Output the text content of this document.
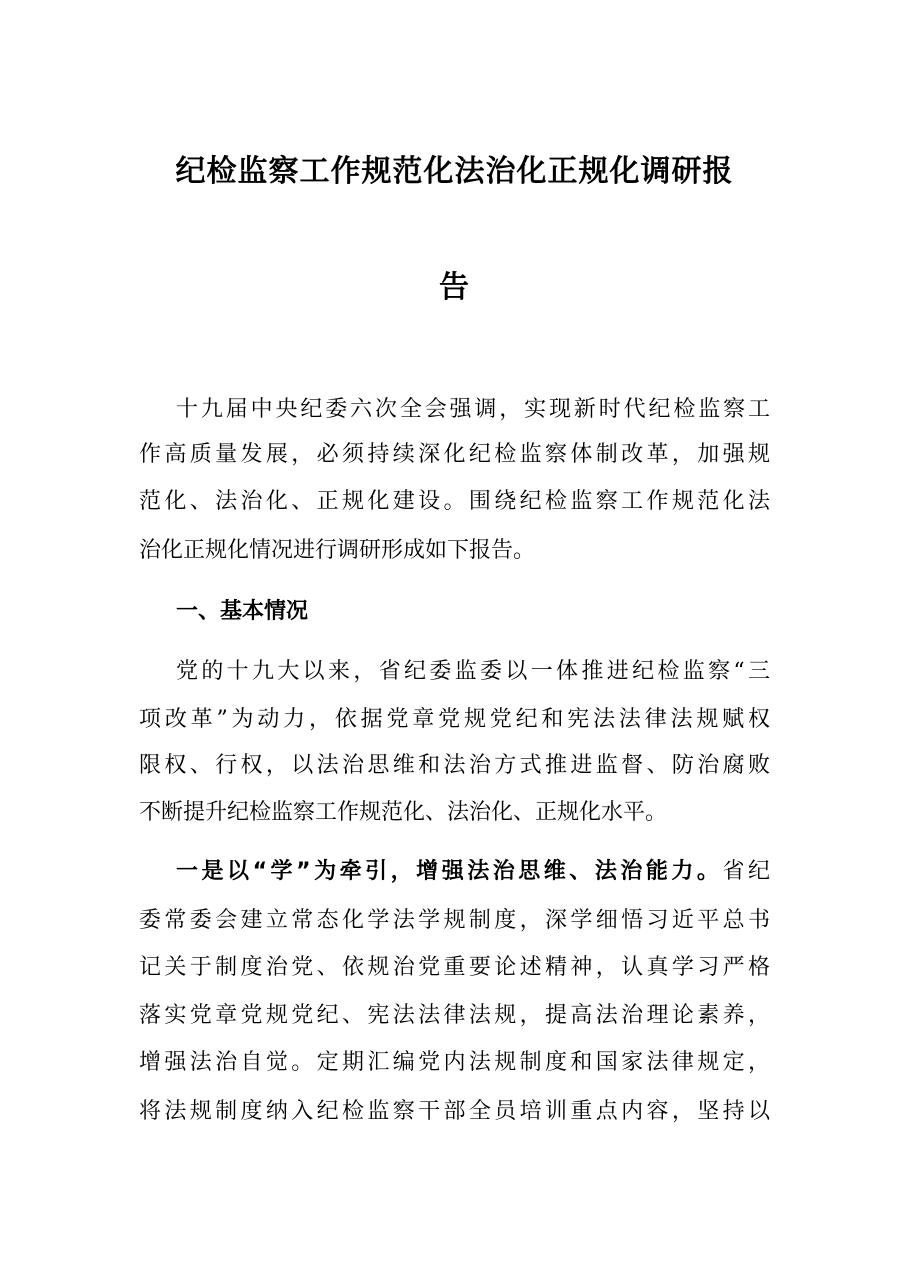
纪检监察工作规范化法治化正规化调研报
告
十九届中央纪委六次全会强调，实现新时代纪检监察工
作高质量发展，必须持续深化纪检监察体制改革，加强规
范化、法治化、正规化建设。围绕纪检监察工作规范化法
治化正规化情况进行调研形成如下报告。
一、基本情况
党的十九大以来，省纪委监委以一体推进纪检监察“三
项改革”为动力，依据党章党规党纪和宪法法律法规赋权
限权、行权，以法治思维和法治方式推进监督、防治腐败
不断提升纪检监察工作规范化、法治化、正规化水平。
一是以“学”为牵引，增强法治思维、法治能力。省纪
委常委会建立常态化学法学规制度，深学细悟习近平总书
记关于制度治党、依规治党重要论述精神，认真学习严格
落实党章党规党纪、宪法法律法规，提高法治理论素养，
增强法治自觉。定期汇编党内法规制度和国家法律规定，
将法规制度纳入纪检监察干部全员培训重点内容，坚持以
